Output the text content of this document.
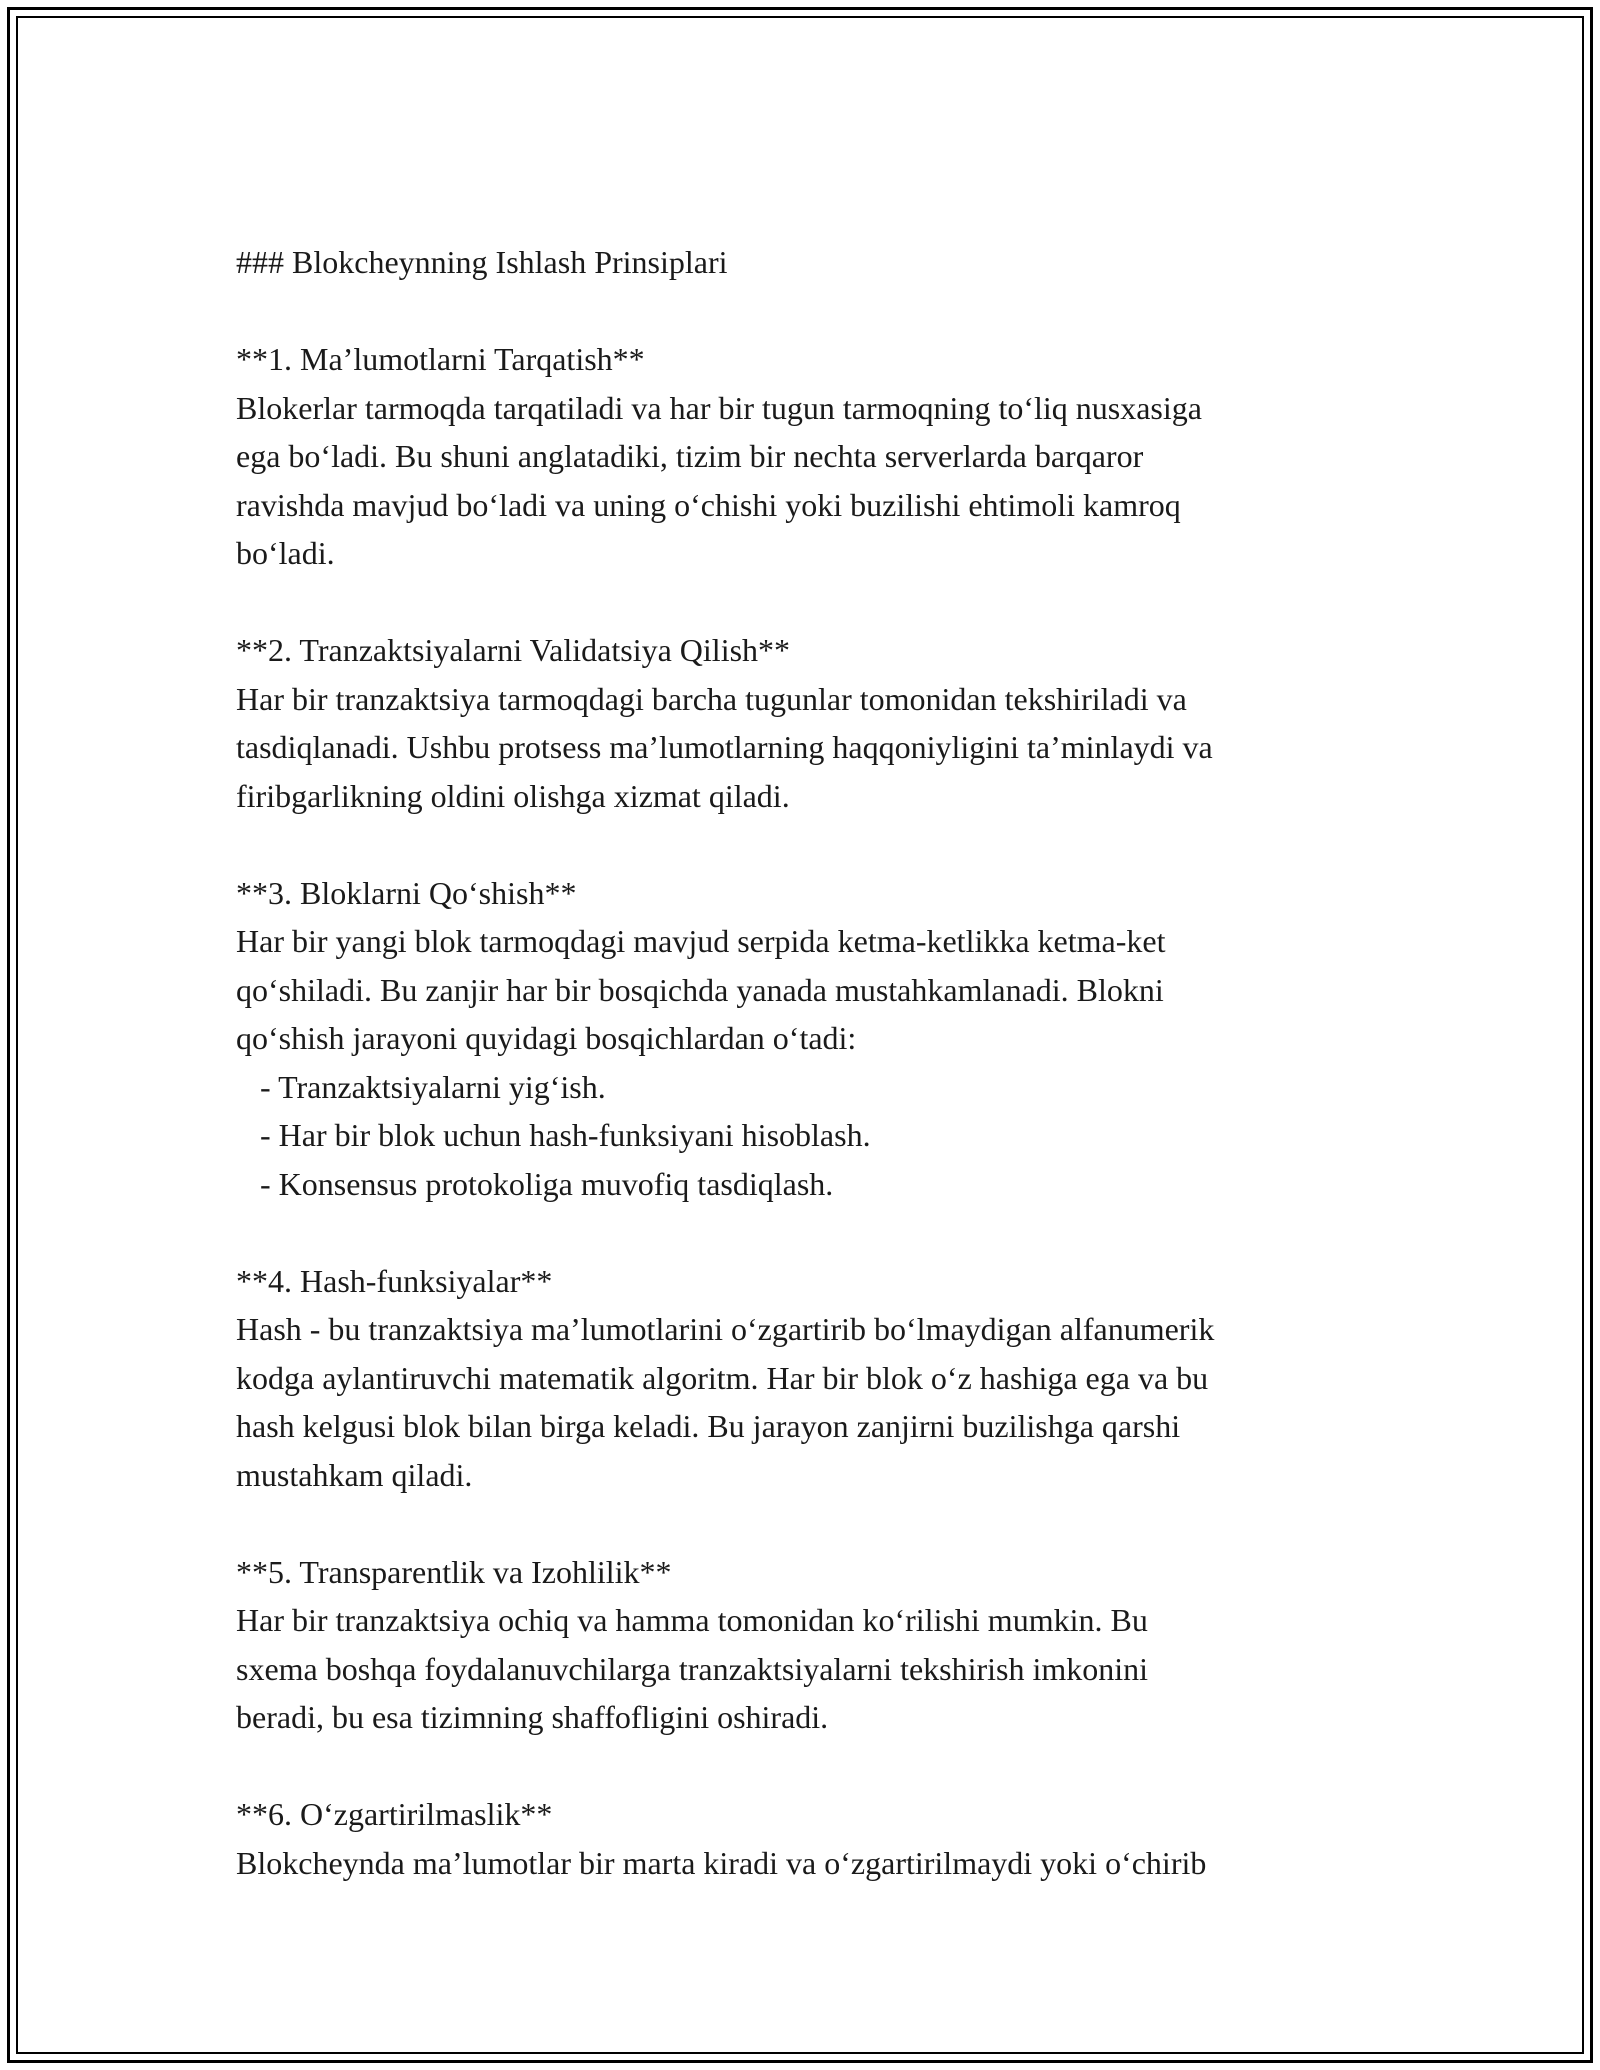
### Blokcheynning Ishlash Prinsiplari
**1. Ma’lumotlarni Tarqatish**
Blokerlar tarmoqda tarqatiladi va har bir tugun tarmoqning to‘liq nusxasiga
ega bo‘ladi. Bu shuni anglatadiki, tizim bir nechta serverlarda barqaror
ravishda mavjud bo‘ladi va uning o‘chishi yoki buzilishi ehtimoli kamroq
bo‘ladi.
**2. Tranzaktsiyalarni Validatsiya Qilish**
Har bir tranzaktsiya tarmoqdagi barcha tugunlar tomonidan tekshiriladi va
tasdiqlanadi. Ushbu protsess ma’lumotlarning haqqoniyligini ta’minlaydi va
firibgarlikning oldini olishga xizmat qiladi.
**3. Bloklarni Qo‘shish**
Har bir yangi blok tarmoqdagi mavjud serpida ketma-ketlikka ketma-ket
qo‘shiladi. Bu zanjir har bir bosqichda yanada mustahkamlanadi. Blokni
qo‘shish jarayoni quyidagi bosqichlardan o‘tadi:
- Tranzaktsiyalarni yig‘ish.
- Har bir blok uchun hash-funksiyani hisoblash.
- Konsensus protokoliga muvofiq tasdiqlash.
**4. Hash-funksiyalar**
Hash - bu tranzaktsiya ma’lumotlarini o‘zgartirib bo‘lmaydigan alfanumerik
kodga aylantiruvchi matematik algoritm. Har bir blok o‘z hashiga ega va bu
hash kelgusi blok bilan birga keladi. Bu jarayon zanjirni buzilishga qarshi
mustahkam qiladi.
**5. Transparentlik va Izohlilik**
Har bir tranzaktsiya ochiq va hamma tomonidan ko‘rilishi mumkin. Bu
sxema boshqa foydalanuvchilarga tranzaktsiyalarni tekshirish imkonini
beradi, bu esa tizimning shaffofligini oshiradi.
**6. O‘zgartirilmaslik**
Blokcheynda ma’lumotlar bir marta kiradi va o‘zgartirilmaydi yoki o‘chirib
